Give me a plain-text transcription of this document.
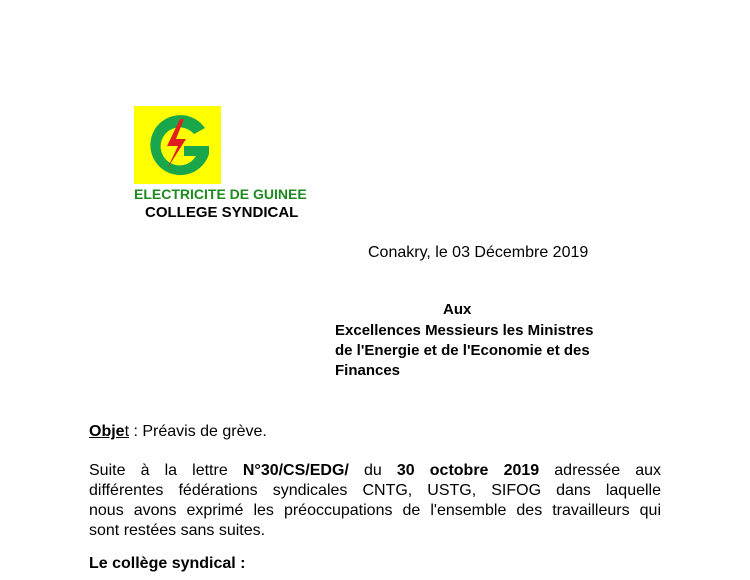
ELECTRICITE DE GUINEE
COLLEGE SYNDICAL
Conakry, le 03 Décembre 2019
Aux
Excellences Messieurs les Ministres
de l'Energie et de l'Economie et des
Finances
Objet : Préavis de grève.
Suite à la lettre N°30/CS/EDG/ du 30 octobre 2019 adressée aux
différentes fédérations syndicales CNTG, USTG, SIFOG dans laquelle
nous avons exprimé les préoccupations de l'ensemble des travailleurs qui
sont restées sans suites.
Le collège syndical :
